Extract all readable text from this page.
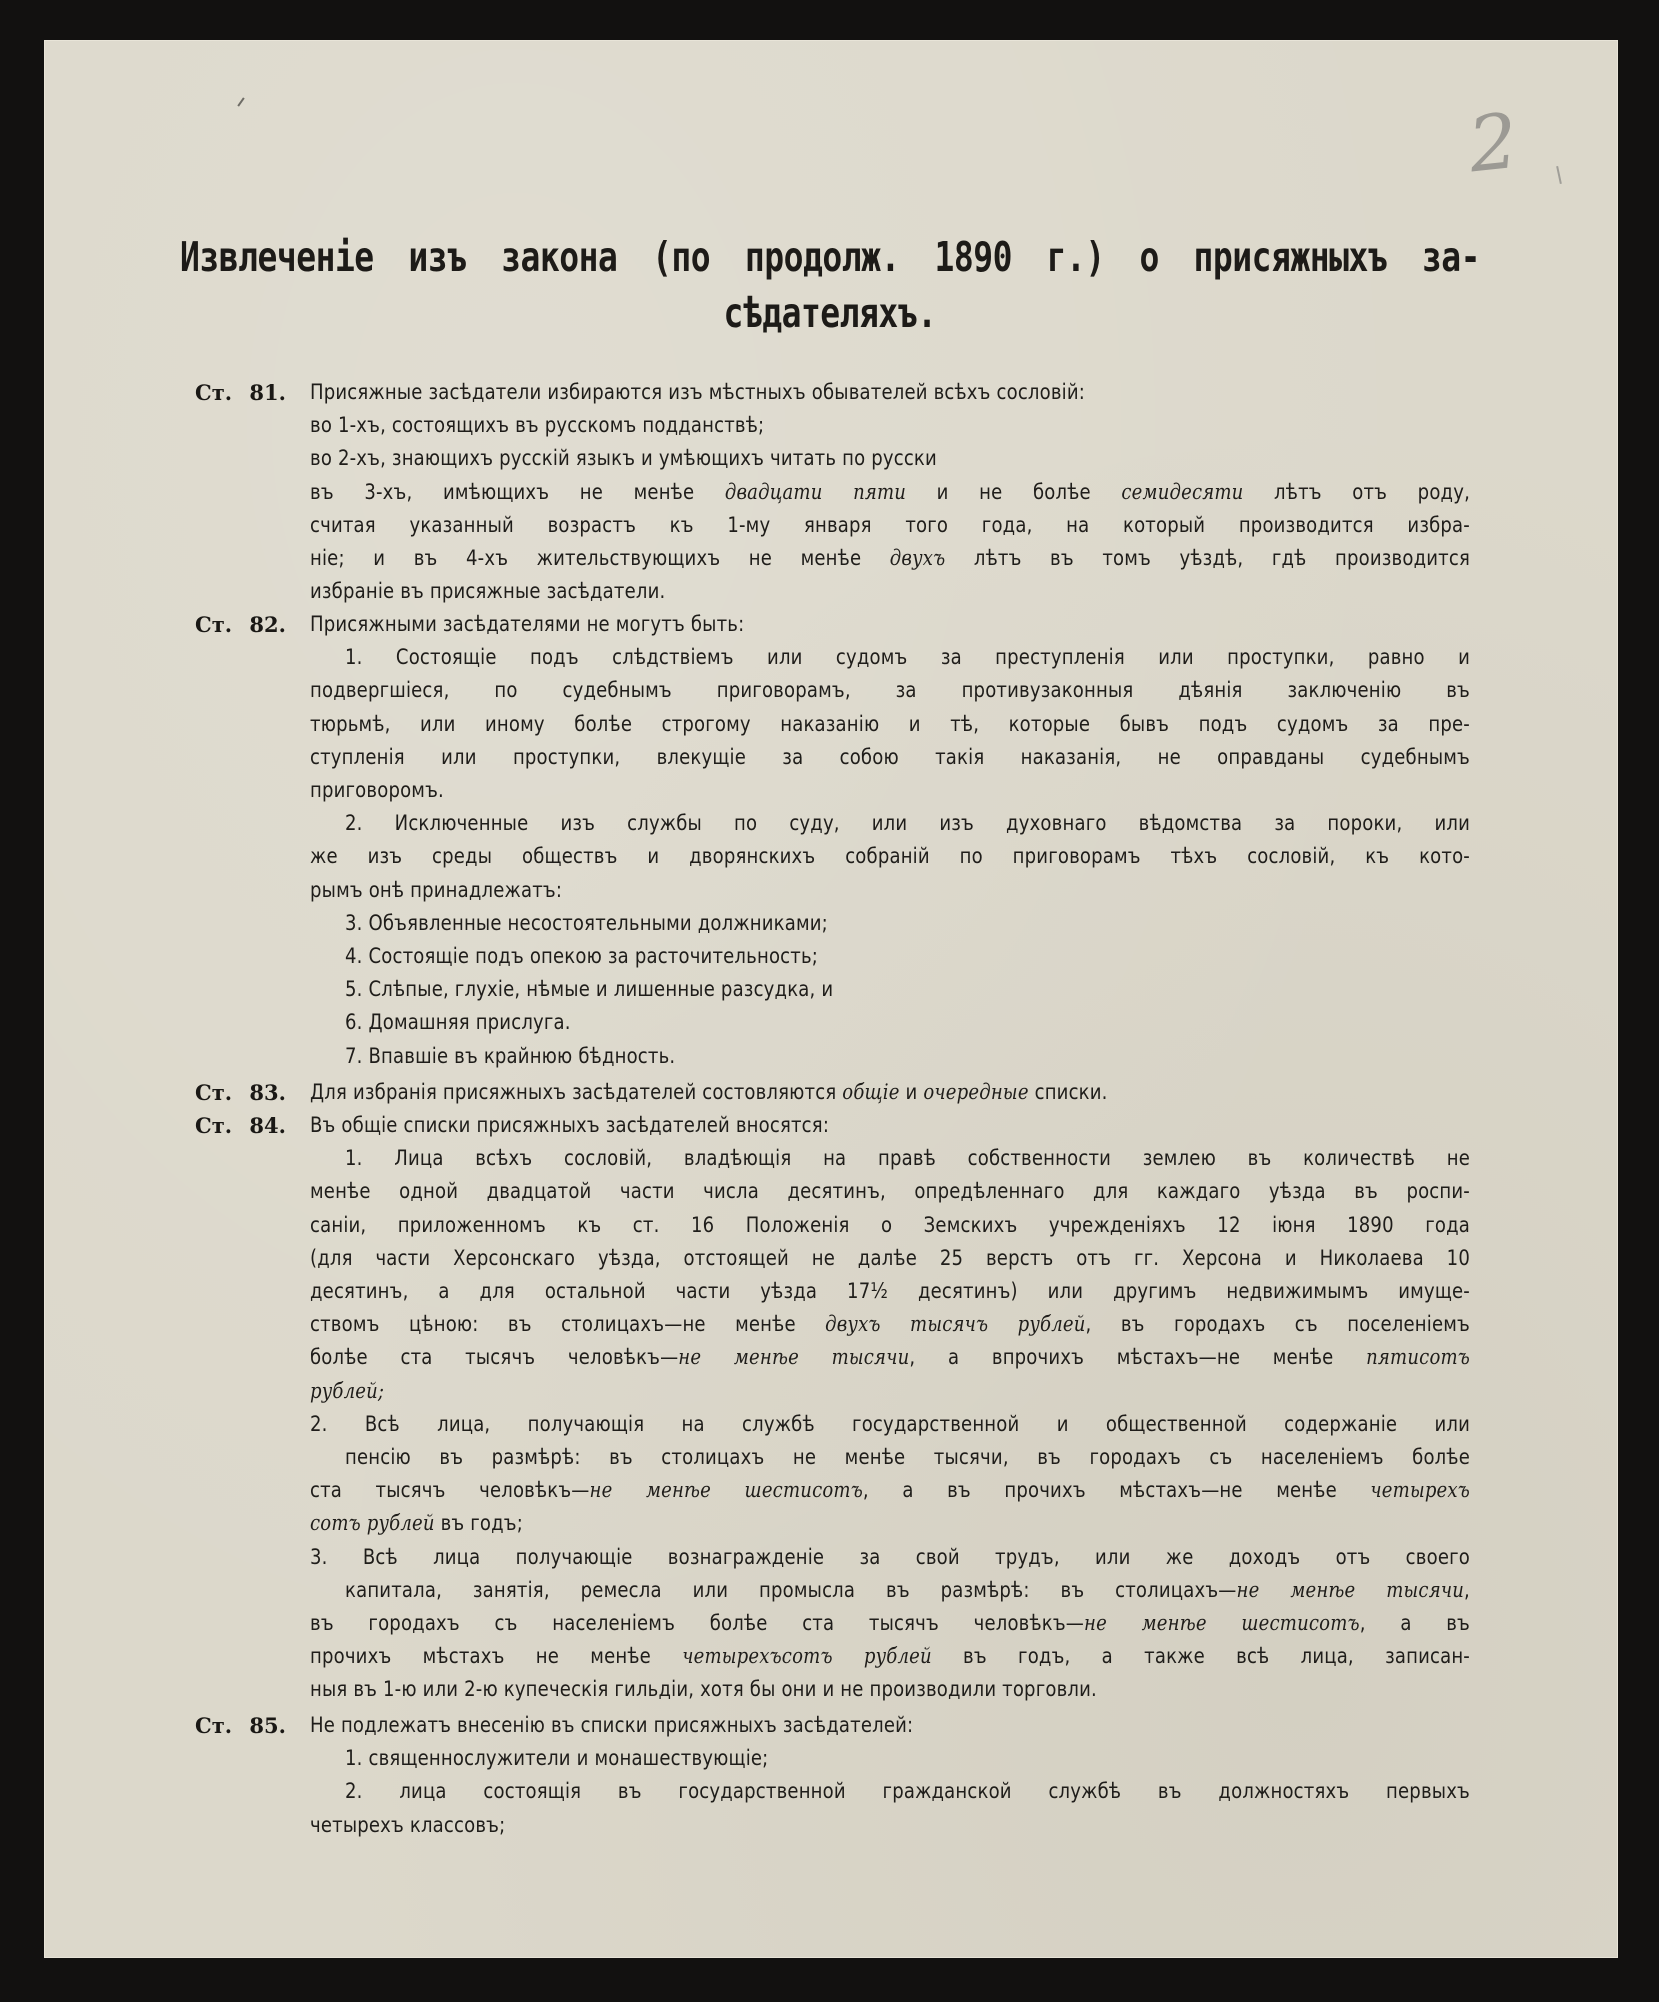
2
Извлеченіе изъ закона (по продолж. 1890 г.) о присяжныхъ за-
сѣдателяхъ.
Ст. 81. Присяжные засѣдатели избираются изъ мѣстныхъ обывателей всѣхъ сословій:
во 1-хъ, состоящихъ въ русскомъ подданствѣ;
во 2-хъ, знающихъ русскій языкъ и умѣющихъ читать по русски
въ 3-хъ, имѣющихъ не менѣе двадцати пяти и не болѣе семидесяти лѣтъ отъ роду,
считая указанный возрастъ къ 1-му января того года, на который производится избра-
ніе; и въ 4-хъ жительствующихъ не менѣе двухъ лѣтъ въ томъ уѣздѣ, гдѣ производится
избраніе въ присяжные засѣдатели.
Ст. 82. Присяжными засѣдателями не могутъ быть:
1. Состоящіе подъ слѣдствіемъ или судомъ за преступленія или проступки, равно и
подвергшіеся, по судебнымъ приговорамъ, за противузаконныя дѣянія заключенію въ
тюрьмѣ, или иному болѣе строгому наказанію и тѣ, которые бывъ подъ судомъ за пре-
ступленія или проступки, влекущіе за собою такія наказанія, не оправданы судебнымъ
приговоромъ.
2. Исключенные изъ службы по суду, или изъ духовнаго вѣдомства за пороки, или
же изъ среды обществъ и дворянскихъ собраній по приговорамъ тѣхъ сословій, къ кото-
рымъ онѣ принадлежатъ:
3. Объявленные несостоятельными должниками;
4. Состоящіе подъ опекою за расточительность;
5. Слѣпые, глухіе, нѣмые и лишенные разсудка, и
6. Домашняя прислуга.
7. Впавшіе въ крайнюю бѣдность.
Ст. 83. Для избранія присяжныхъ засѣдателей состовляются общіе и очередные списки.
Ст. 84. Въ общіе списки присяжныхъ засѣдателей вносятся:
1. Лица всѣхъ сословій, владѣющія на правѣ собственности землею въ количествѣ не
менѣе одной двадцатой части числа десятинъ, опредѣленнаго для каждаго уѣзда въ роспи-
саніи, приложенномъ къ ст. 16 Положенія о Земскихъ учрежденіяхъ 12 іюня 1890 года
(для части Херсонскаго уѣзда, отстоящей не далѣе 25 верстъ отъ гг. Херсона и Николаева 10
десятинъ, а для остальной части уѣзда 17½ десятинъ) или другимъ недвижимымъ имуще-
ствомъ цѣною: въ столицахъ—не менѣе двухъ тысячъ рублей, въ городахъ съ поселеніемъ
болѣе ста тысячъ человѣкъ—не менѣе тысячи, а впрочихъ мѣстахъ—не менѣе пятисотъ
рублей;
2. Всѣ лица, получающія на службѣ государственной и общественной содержаніе или
пенсію въ размѣрѣ: въ столицахъ не менѣе тысячи, въ городахъ съ населеніемъ болѣе
ста тысячъ человѣкъ—не менѣе шестисотъ, а въ прочихъ мѣстахъ—не менѣе четырехъ
сотъ рублей въ годъ;
3. Всѣ лица получающіе вознагражденіе за свой трудъ, или же доходъ отъ своего
капитала, занятія, ремесла или промысла въ размѣрѣ: въ столицахъ—не менѣе тысячи,
въ городахъ съ населеніемъ болѣе ста тысячъ человѣкъ—не менѣе шестисотъ, а въ
прочихъ мѣстахъ не менѣе четырехъсотъ рублей въ годъ, а также всѣ лица, записан-
ныя въ 1-ю или 2-ю купеческія гильдіи, хотя бы они и не производили торговли.
Ст. 85. Не подлежатъ внесенію въ списки присяжныхъ засѣдателей:
1. священнослужители и монашествующіе;
2. лица состоящія въ государственной гражданской службѣ въ должностяхъ первыхъ
четырехъ классовъ;
